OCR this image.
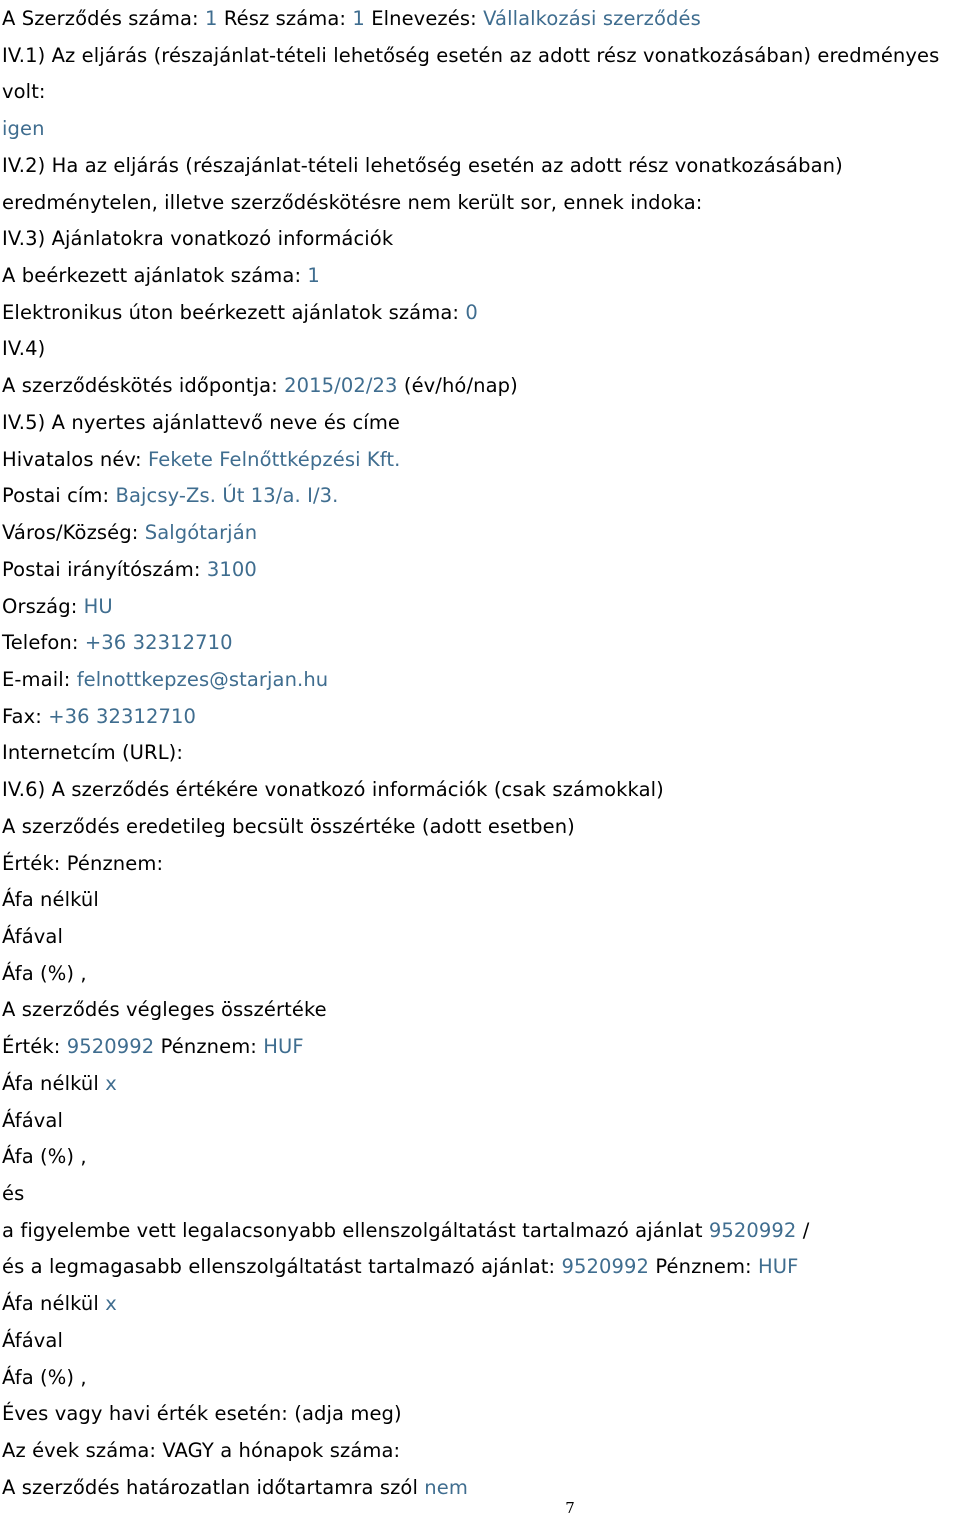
A Szerződés száma: 1 Rész száma: 1 Elnevezés: Vállalkozási szerződés
IV.1) Az eljárás (részajánlat-tételi lehetőség esetén az adott rész vonatkozásában) eredményes
volt:
igen
IV.2) Ha az eljárás (részajánlat-tételi lehetőség esetén az adott rész vonatkozásában)
eredménytelen, illetve szerződéskötésre nem került sor, ennek indoka:
IV.3) Ajánlatokra vonatkozó információk
A beérkezett ajánlatok száma: 1
Elektronikus úton beérkezett ajánlatok száma: 0
IV.4)
A szerződéskötés időpontja: 2015/02/23 (év/hó/nap)
IV.5) A nyertes ajánlattevő neve és címe
Hivatalos név: Fekete Felnőttképzési Kft.
Postai cím: Bajcsy-Zs. Út 13/a. I/3.
Város/Község: Salgótarján
Postai irányítószám: 3100
Ország: HU
Telefon: +36 32312710
E-mail: felnottkepzes@starjan.hu
Fax: +36 32312710
Internetcím (URL):
IV.6) A szerződés értékére vonatkozó információk (csak számokkal)
A szerződés eredetileg becsült összértéke (adott esetben)
Érték: Pénznem:
Áfa nélkül
Áfával
Áfa (%) ,
A szerződés végleges összértéke
Érték: 9520992 Pénznem: HUF
Áfa nélkül x
Áfával
Áfa (%) ,
és
a figyelembe vett legalacsonyabb ellenszolgáltatást tartalmazó ajánlat 9520992 /
és a legmagasabb ellenszolgáltatást tartalmazó ajánlat: 9520992 Pénznem: HUF
Áfa nélkül x
Áfával
Áfa (%) ,
Éves vagy havi érték esetén: (adja meg)
Az évek száma: VAGY a hónapok száma:
A szerződés határozatlan időtartamra szól nem
7
